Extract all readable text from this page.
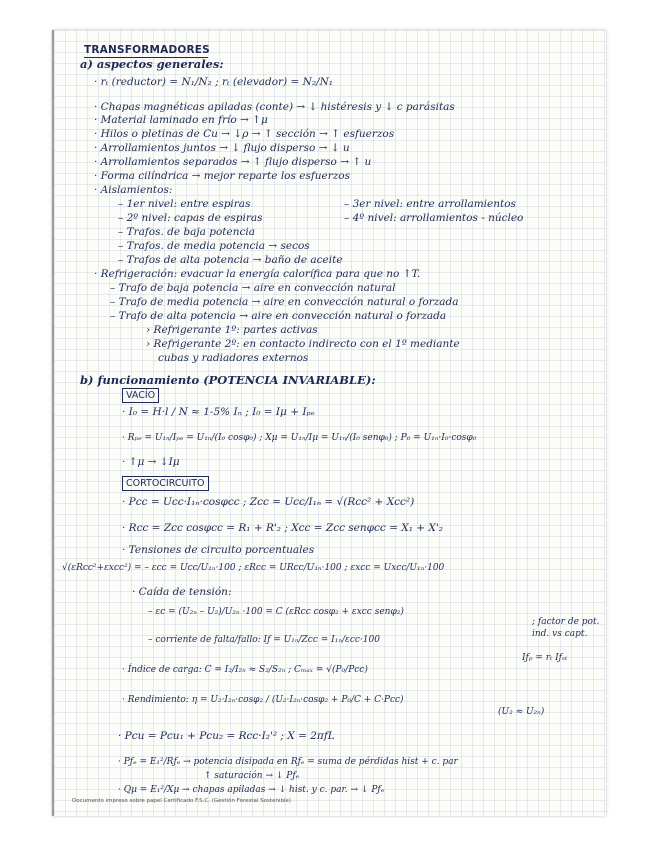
TRANSFORMADORES
a) aspectos generales:
· rₜ (reductor) = N₁/N₂ ; rₜ (elevador) = N₂/N₁
· Chapas magnéticas apiladas (conte) → ↓ histéresis y ↓ c parásitas
· Material laminado en frío → ↑μ
· Hilos o pletinas de Cu → ↓ρ → ↑ sección → ↑ esfuerzos
· Arrollamientos juntos → ↓ flujo disperso → ↓ u
· Arrollamientos separados → ↑ flujo disperso → ↑ u
· Forma cilíndrica → mejor reparte los esfuerzos
· Aislamientos:
– 1er nivel: entre espiras	– 3er nivel: entre arrollamientos
– 2º nivel: capas de espiras	– 4º nivel: arrollamientos - núcleo
– Trafos. de baja potencia
– Trafos. de media potencia → secos
– Trafos de alta potencia → baño de aceite
· Refrigeración: evacuar la energía calorífica para que no ↑T.
– Trafo de baja potencia → aire en convección natural
– Trafo de media potencia → aire en convección natural o forzada
– Trafo de alta potencia → aire en convección natural o forzada
› Refrigerante 1º: partes activas
› Refrigerante 2º: en contacto indirecto con el 1º mediante
cubas y radiadores externos
b) funcionamiento (POTENCIA INVARIABLE):
VACÍO
· I₀ = H·l / N ≈ 1-5% Iₙ ; I₀ = Iμ + Iₚₑ
· Rₚₑ = U₁ₙ/Iₚₑ = U₁ₙ/(I₀ cosφ₀) ; Xμ = U₁ₙ/Iμ = U₁ₙ/(I₀ senφ₀) ; P₀ = U₁ₙ·I₀·cosφ₀
· ↑μ → ↓Iμ
CORTOCIRCUITO
· Pcc = Ucc·I₁ₙ·cosφcc ; Zcc = Ucc/I₁ₙ = √(Rcc² + Xcc²)
· Rcc = Zcc cosφcc = R₁ + R'₂ ; Xcc = Zcc senφcc = X₁ + X'₂
· Tensiones de circuito porcentuales
√(εRcc²+εxcc²) = – εcc = Ucc/U₁ₙ·100 ; εRcc = URcc/U₁ₙ·100 ; εxcc = Uxcc/U₁ₙ·100
· Caída de tensión:
– εc = (U₂ₙ – U₂)/U₂ₙ ·100 = C (εRcc cosφ₂ + εxcc senφ₂)
– corriente de falta/fallo: Iƒ = U₁ₙ/Zcc = I₁ₙ/εcc·100
; factor de pot.
ind. vs capt.
Iƒₚ = rₜ Iƒₛₜ
· Índice de carga: C = I₂/I₂ₙ ≈ S₂/S₂ₙ ; Cₘₐₓ = √(P₀/Pcc)
· Rendimiento: η = U₂·I₂ₙ·cosφ₂ / (U₂·I₂ₙ·cosφ₂ + P₀/C + C·Pcc)
(U₂ ≈ U₂ₙ)
· Pcu = Pcu₁ + Pcu₂ = Rcc·I₂'² ; X = 2πfL
· Pƒₑ = E₁²/Rƒₑ → potencia disipada en Rƒₑ = suma de pérdidas hist + c. par
↑ saturación → ↓ Pƒₑ
· Qμ = E₁²/Xμ → chapas apiladas → ↓ hist. y c. par. → ↓ Pƒₑ
Documento impreso sobre papel Certificado F.S.C. (Gestión Forestal Sostenible)
